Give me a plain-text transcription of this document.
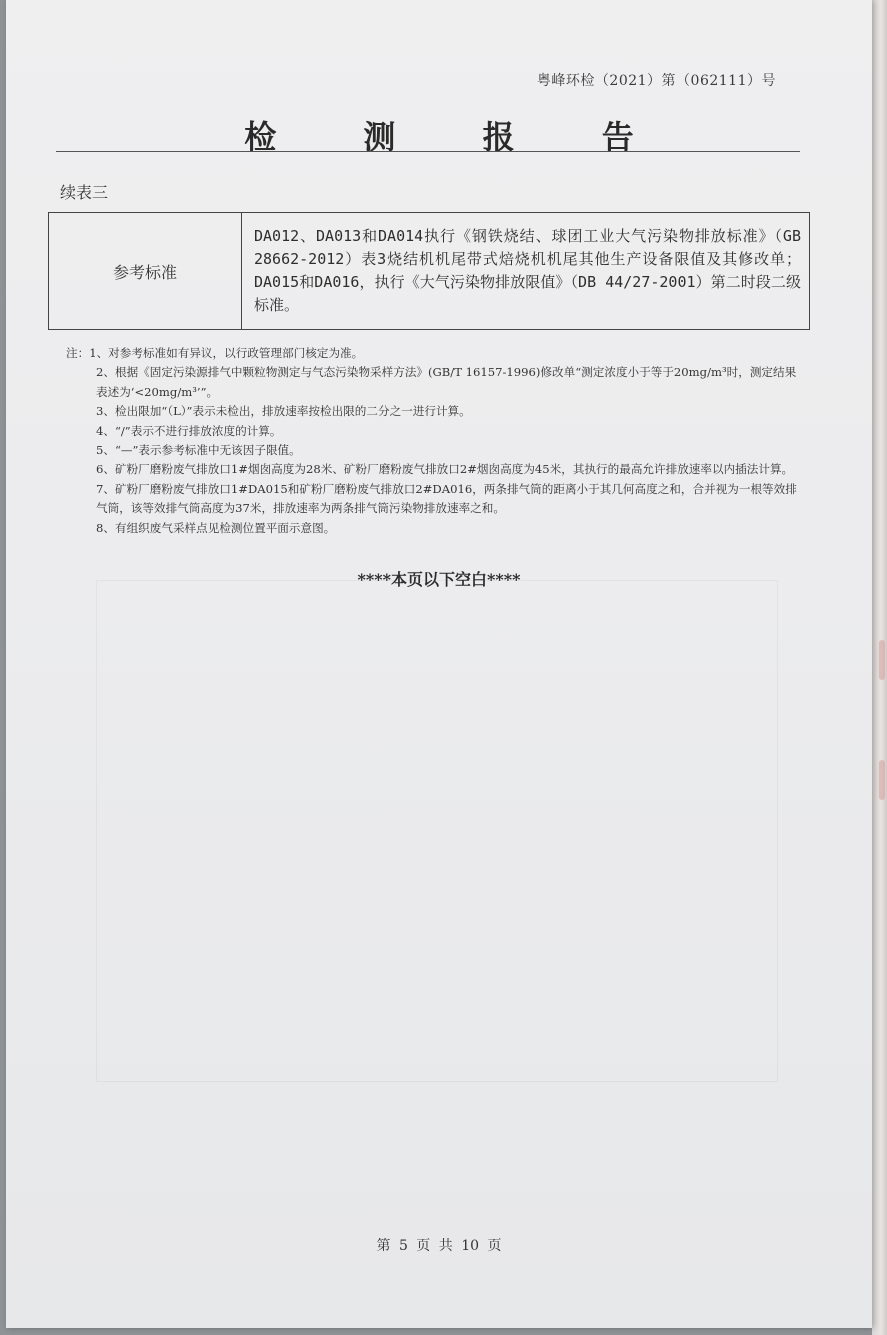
粤峰环检（2021）第（062111）号
检 测 报 告
续表三
参考标准	DA012、DA013和DA014执行《钢铁烧结、球团工业大气污染物排放标准》（GB 28662-2012）表3烧结机机尾带式焙烧机机尾其他生产设备限值及其修改单；DA015和DA016，执行《大气污染物排放限值》（DB 44/27-2001）第二时段二级标准。

注：1、对参考标准如有异议，以行政管理部门核定为准。

2、根据《固定污染源排气中颗粒物测定与气态污染物采样方法》(GB/T 16157-1996)修改单“测定浓度小于等于20mg/m³时，测定结果表述为‘<20mg/m³’”。

3、检出限加“（L）”表示未检出，排放速率按检出限的二分之一进行计算。

4、“/”表示不进行排放浓度的计算。

5、“—”表示参考标准中无该因子限值。

6、矿粉厂磨粉废气排放口1#烟囱高度为28米、矿粉厂磨粉废气排放口2#烟囱高度为45米，其执行的最高允许排放速率以内插法计算。

7、矿粉厂磨粉废气排放口1#DA015和矿粉厂磨粉废气排放口2#DA016，两条排气筒的距离小于其几何高度之和，合并视为一根等效排气筒，该等效排气筒高度为37米，排放速率为两条排气筒污染物排放速率之和。

8、有组织废气采样点见检测位置平面示意图。

****本页以下空白****
第 5 页 共 10 页
